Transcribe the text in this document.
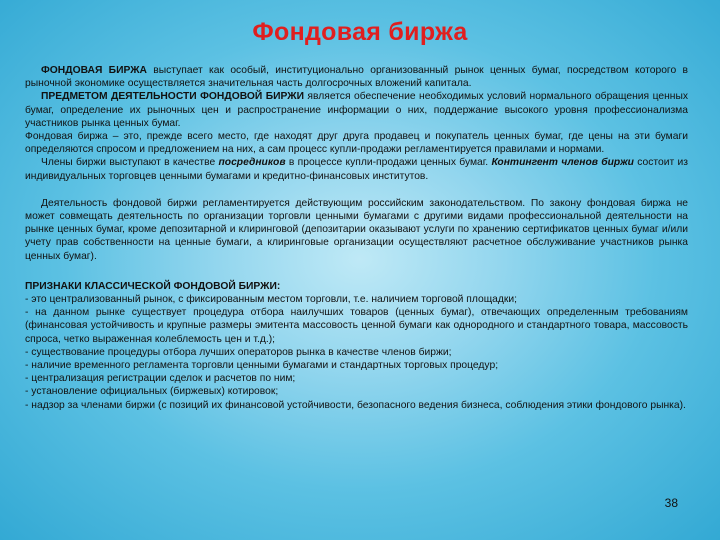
Фондовая биржа

ФОНДОВАЯ БИРЖА выступает как особый, институционально организованный рынок ценных бумаг, посредством которого в рыночной экономике осуществляется значительная часть долгосрочных вложений капитала.

ПРЕДМЕТОМ ДЕЯТЕЛЬНОСТИ ФОНДОВОЙ БИРЖИ является обеспечение необходимых условий нормального обращения ценных бумаг, определение их рыночных цен и распространение информации о них, поддержание высокого уровня профессионализма участников рынка ценных бумаг.

Фондовая биржа – это, прежде всего место, где находят друг друга продавец и покупатель ценных бумаг, где цены на эти бумаги определяются спросом и предложением на них, а сам процесс купли-продажи регламентируется правилами и нормами.

Члены биржи выступают в качестве посредников в процессе купли-продажи ценных бумаг. Контингент членов биржи состоит из индивидуальных торговцев ценными бумагами и кредитно-финансовых институтов.

Деятельность фондовой биржи регламентируется действующим российским законодательством. По закону фондовая биржа не может совмещать деятельность по организации торговли ценными бумагами с другими видами профессиональной деятельности на рынке ценных бумаг, кроме депозитарной и клиринговой (депозитарии оказывают услуги по хранению сертификатов ценных бумаг и/или учету прав собственности на ценные бумаги, а клиринговые организации осуществляют расчетное обслуживание участников рынка ценных бумаг).

ПРИЗНАКИ КЛАССИЧЕСКОЙ ФОНДОВОЙ БИРЖИ:

- это централизованный рынок, с фиксированным местом торговли, т.е. наличием торговой площадки;
- на данном рынке существует процедура отбора наилучших товаров (ценных бумаг), отвечающих определенным требованиям (финансовая устойчивость и крупные размеры эмитента массовость ценной бумаги как однородного и стандартного товара, массовость спроса, четко выраженная колеблемость цен и т.д.);
- существование процедуры отбора лучших операторов рынка в качестве членов биржи;
- наличие временного регламента торговли ценными бумагами и стандартных торговых процедур;
- централизация регистрации сделок и расчетов по ним;
- установление официальных (биржевых) котировок;
- надзор за членами биржи (с позиций их финансовой устойчивости, безопасного ведения бизнеса, соблюдения этики фондового рынка).
38
